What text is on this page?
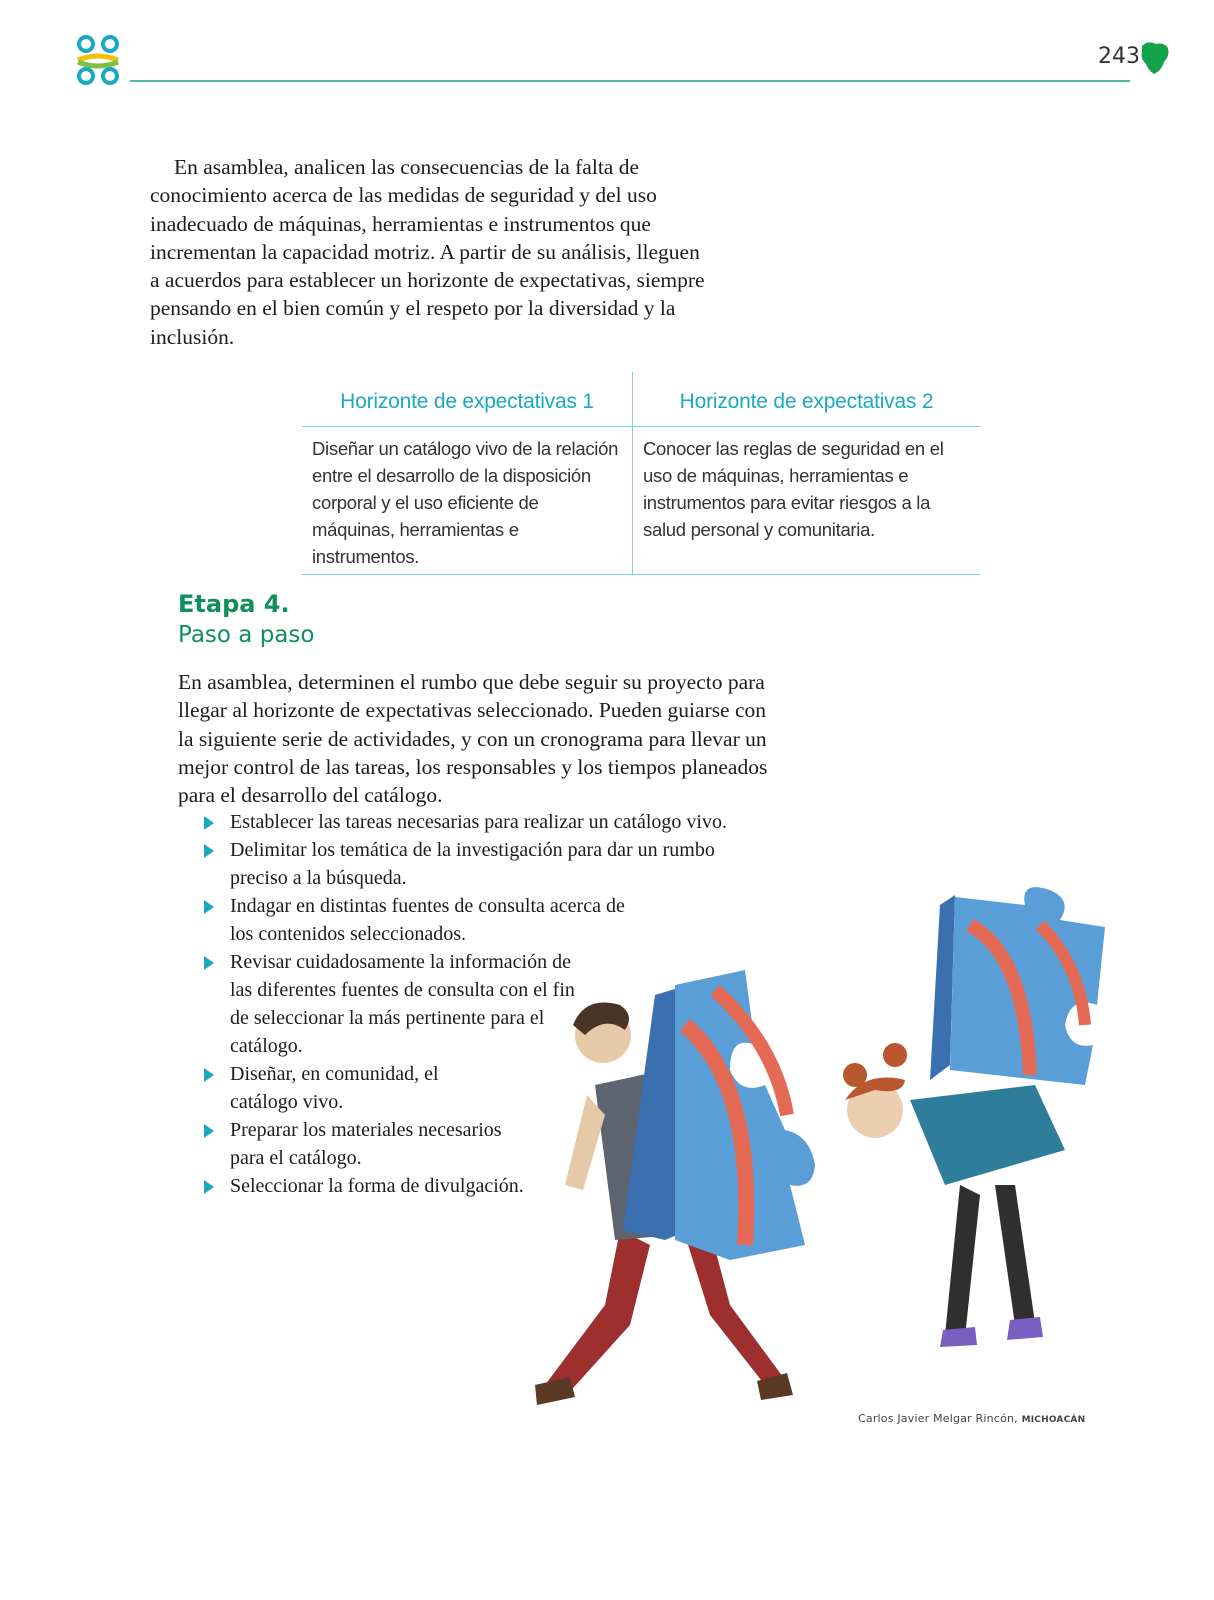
243

En asamblea, analicen las consecuencias de la falta de conocimiento acerca de las medidas de seguridad y del uso inadecuado de máquinas, herramientas e instrumentos que incrementan la capacidad motriz. A partir de su análisis, lleguen a acuerdos para establecer un horizonte de expectativas, siempre pensando en el bien común y el respeto por la diversidad y la inclusión.

Horizonte de expectativas 1	Horizonte de expectativas 2
Diseñar un catálogo vivo de la relación entre el desarrollo de la disposición corporal y el uso eficiente de máquinas, herramientas e instrumentos.	Conocer las reglas de seguridad en el uso de máquinas, herramientas e instrumentos para evitar riesgos a la salud personal y comunitaria.
Etapa 4.
Paso a paso

En asamblea, determinen el rumbo que debe seguir su proyecto para llegar al horizonte de expectativas seleccionado. Pueden guiarse con la siguiente serie de actividades, y con un cronograma para llevar un mejor control de las tareas, los responsables y los tiempos planeados para el desarrollo del catálogo.

Establecer las tareas necesarias para realizar un catálogo vivo.
Delimitar los temática de la investigación para dar un rumbo preciso a la búsqueda.
Indagar en distintas fuentes de consulta acerca de los contenidos seleccionados.
Revisar cuidadosamente la información de las diferentes fuentes de consulta con el fin de seleccionar la más pertinente para el catálogo.
Diseñar, en comunidad, el catálogo vivo.
Preparar los materiales necesarios para el catálogo.
Seleccionar la forma de divulgación.
Carlos Javier Melgar Rincón, MICHOACÁN
